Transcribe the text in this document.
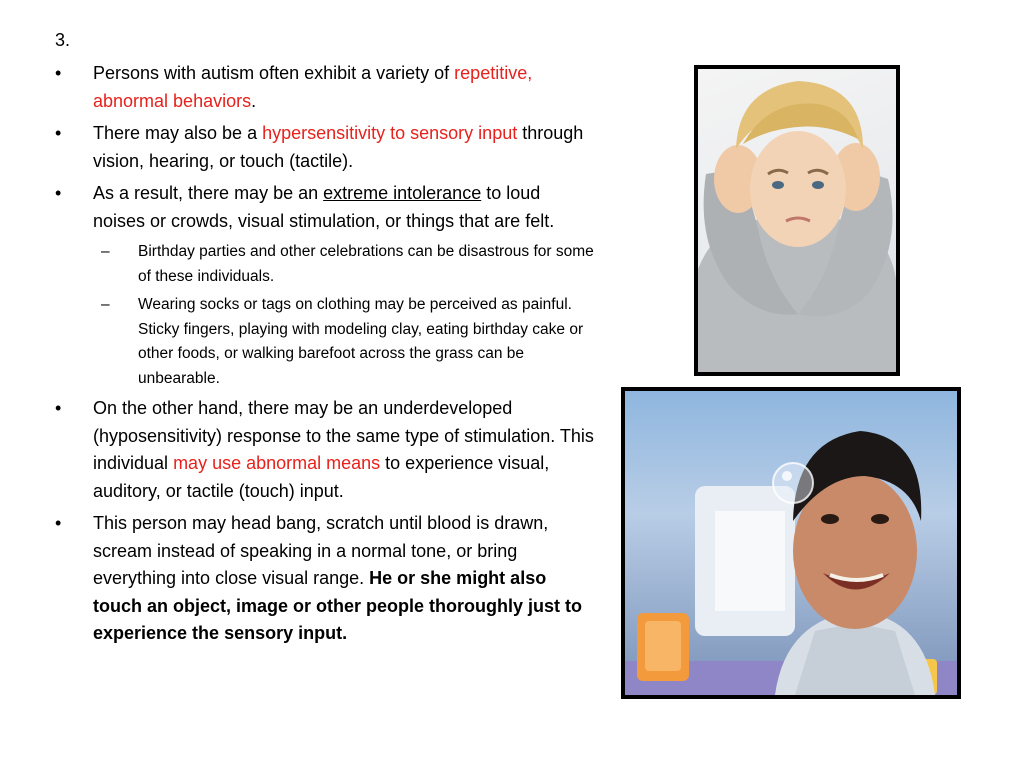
3.
• Persons with autism often exhibit a variety of repetitive, abnormal behaviors.
• There may also be a hypersensitivity to sensory input through vision, hearing, or touch (tactile).
• As a result, there may be an extreme intolerance to loud noises or crowds, visual stimulation, or things that are felt.
– Birthday parties and other celebrations can be disastrous for some of these individuals.
– Wearing socks or tags on clothing may be perceived as painful. Sticky fingers, playing with modeling clay, eating birthday cake or other foods, or walking barefoot across the grass can be unbearable.
• On the other hand, there may be an underdeveloped (hyposensitivity) response to the same type of stimulation. This individual may use abnormal means to experience visual, auditory, or tactile (touch) input.
• This person may head bang, scratch until blood is drawn, scream instead of speaking in a normal tone, or bring everything into close visual range. He or she might also touch an object, image or other people thoroughly just to experience the sensory input.
